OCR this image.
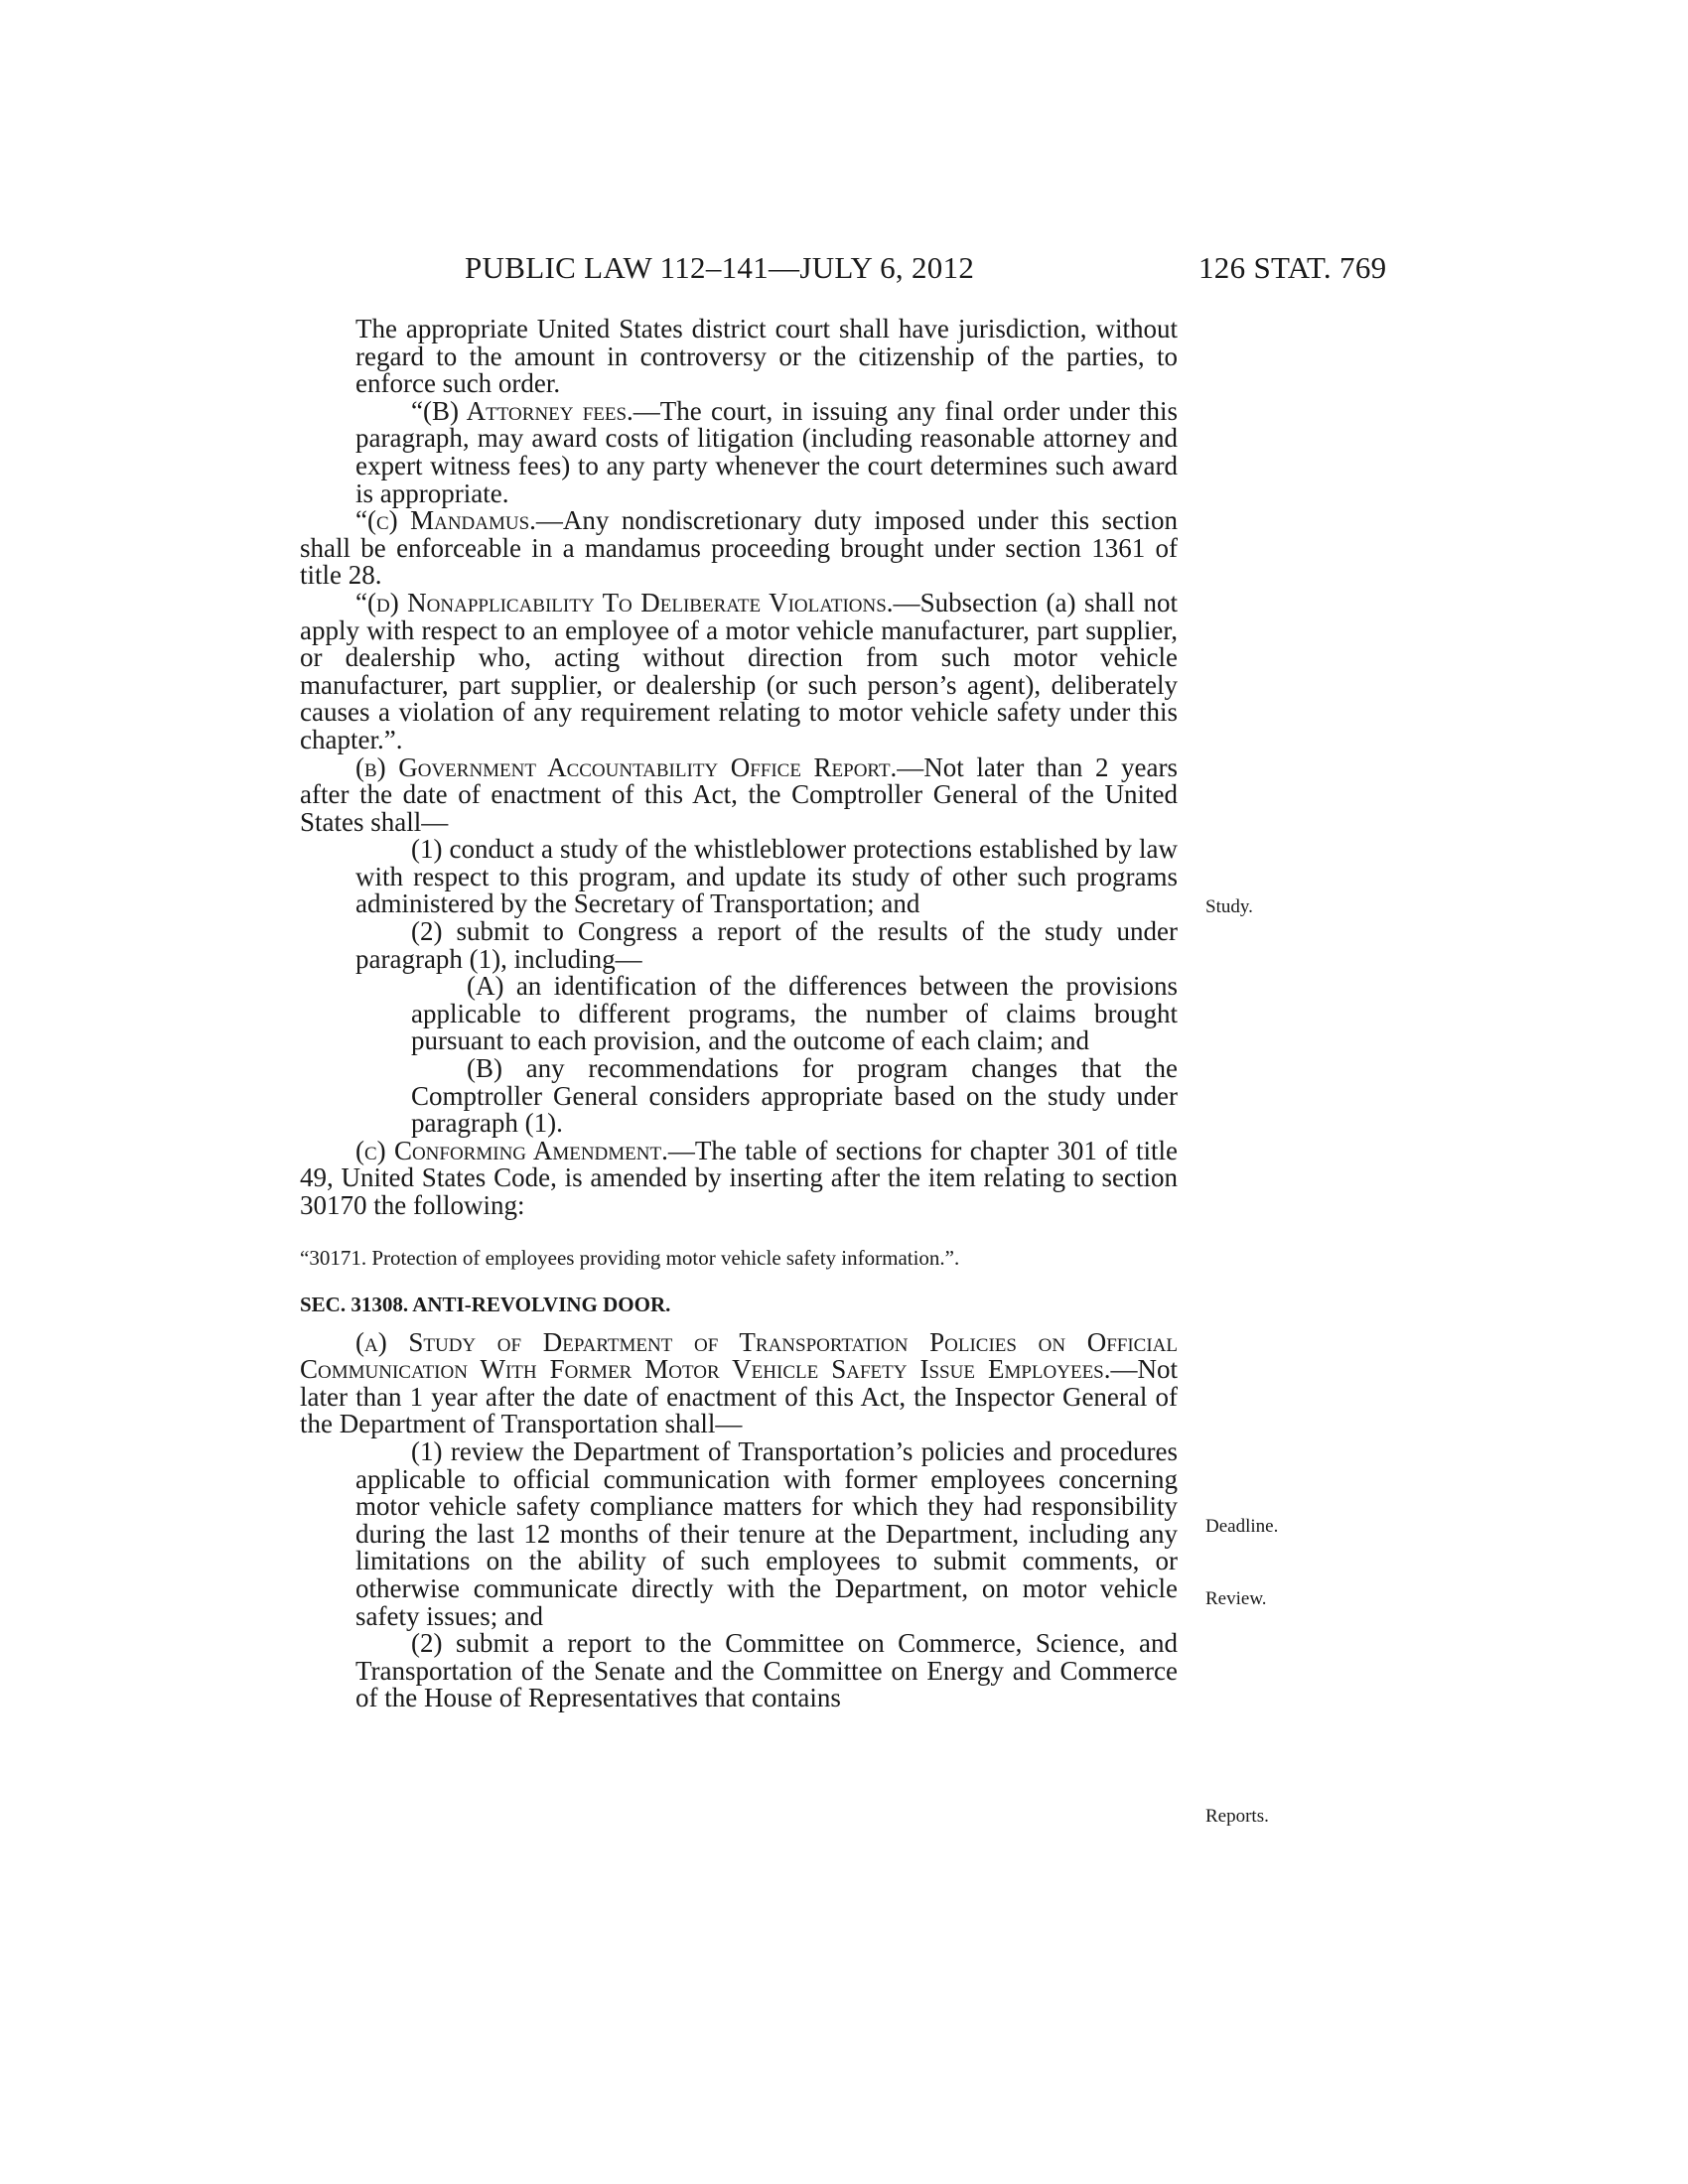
PUBLIC LAW 112–141—JULY 6, 2012	126 STAT. 769

The appropriate United States district court shall have jurisdiction, without regard to the amount in controversy or the citizenship of the parties, to enforce such order.

“(B) Attorney fees.—The court, in issuing any final order under this paragraph, may award costs of litigation (including reasonable attorney and expert witness fees) to any party whenever the court determines such award is appropriate.

“(c) Mandamus.—Any nondiscretionary duty imposed under this section shall be enforceable in a mandamus proceeding brought under section 1361 of title 28.

“(d) Nonapplicability To Deliberate Violations.—Subsection (a) shall not apply with respect to an employee of a motor vehicle manufacturer, part supplier, or dealership who, acting without direction from such motor vehicle manufacturer, part supplier, or dealership (or such person’s agent), deliberately causes a violation of any requirement relating to motor vehicle safety under this chapter.”.

(b) Government Accountability Office Report.—Not later than 2 years after the date of enactment of this Act, the Comptroller General of the United States shall—

(1) conduct a study of the whistleblower protections established by law with respect to this program, and update its study of other such programs administered by the Secretary of Transportation; and

(2) submit to Congress a report of the results of the study under paragraph (1), including—

(A) an identification of the differences between the provisions applicable to different programs, the number of claims brought pursuant to each provision, and the outcome of each claim; and

(B) any recommendations for program changes that the Comptroller General considers appropriate based on the study under paragraph (1).

(c) Conforming Amendment.—The table of sections for chapter 301 of title 49, United States Code, is amended by inserting after the item relating to section 30170 the following:

“30171. Protection of employees providing motor vehicle safety information.”.

SEC. 31308. ANTI-REVOLVING DOOR.

(a) Study of Department of Transportation Policies on Official Communication With Former Motor Vehicle Safety Issue Employees.—Not later than 1 year after the date of enactment of this Act, the Inspector General of the Department of Transportation shall—

(1) review the Department of Transportation’s policies and procedures applicable to official communication with former employees concerning motor vehicle safety compliance matters for which they had responsibility during the last 12 months of their tenure at the Department, including any limitations on the ability of such employees to submit comments, or otherwise communicate directly with the Department, on motor vehicle safety issues; and

(2) submit a report to the Committee on Commerce, Science, and Transportation of the Senate and the Committee on Energy and Commerce of the House of Representatives that contains

Study.
Deadline.
Review.
Reports.
